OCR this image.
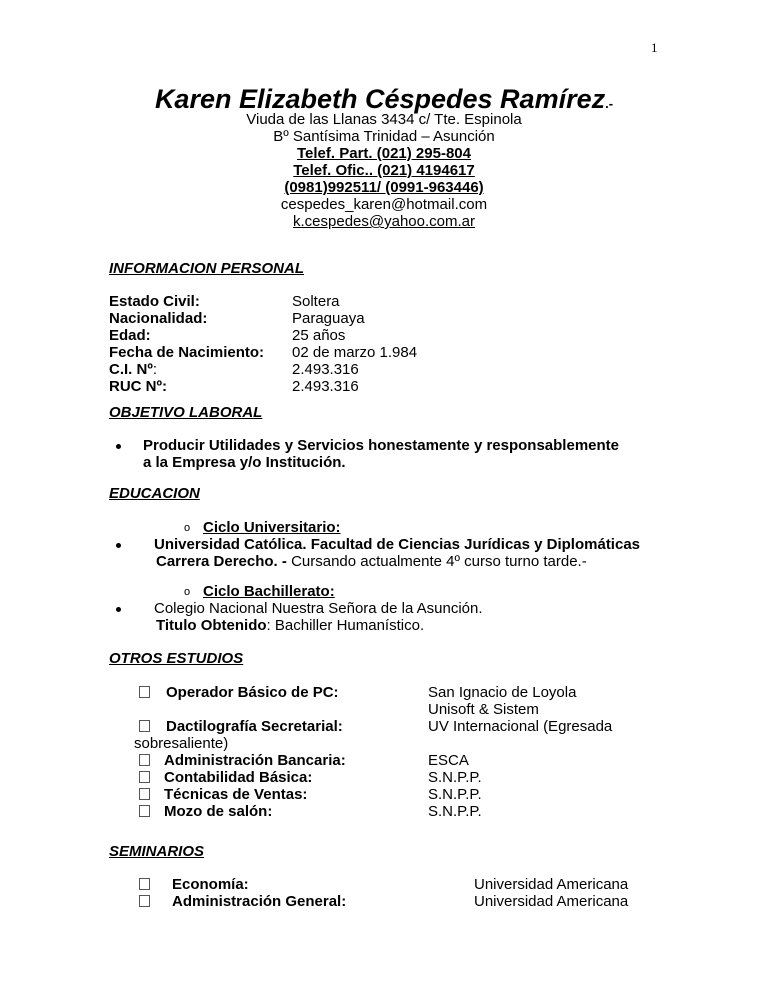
1
Karen Elizabeth Céspedes Ramírez.-
Viuda de las Llanas 3434 c/ Tte. Espinola
Bº Santísima Trinidad – Asunción
Telef. Part. (021) 295-804
Telef. Ofic.. (021) 4194617
(0981)992511/ (0991-963446)
cespedes_karen@hotmail.com
k.cespedes@yahoo.com.ar
INFORMACION PERSONAL
Estado Civil:	Soltera
Nacionalidad:	Paraguaya
Edad:	25 años
Fecha de Nacimiento: 02 de marzo 1.984
C.I. Nº:	2.493.316
RUC Nº:	2.493.316
OBJETIVO LABORAL
Producir Utilidades y Servicios honestamente y responsablemente
a la Empresa y/o Institución.
EDUCACION
o Ciclo Universitario:
Universidad Católica. Facultad de Ciencias Jurídicas y Diplomáticas
Carrera Derecho. - Cursando actualmente 4º curso turno tarde.-
o Ciclo Bachillerato:
Colegio Nacional Nuestra Señora de la Asunción.
Titulo Obtenido: Bachiller Humanístico.
OTROS ESTUDIOS
Operador Básico de PC:	San Ignacio de Loyola
Unisoft & Sistem
Dactilografía Secretarial:	UV Internacional (Egresada
sobresaliente)
Administración Bancaria:	ESCA
Contabilidad Básica:	S.N.P.P.
Técnicas de Ventas:	S.N.P.P.
Mozo de salón:	S.N.P.P.
SEMINARIOS
Economía:	Universidad Americana
Administración General:	Universidad Americana
